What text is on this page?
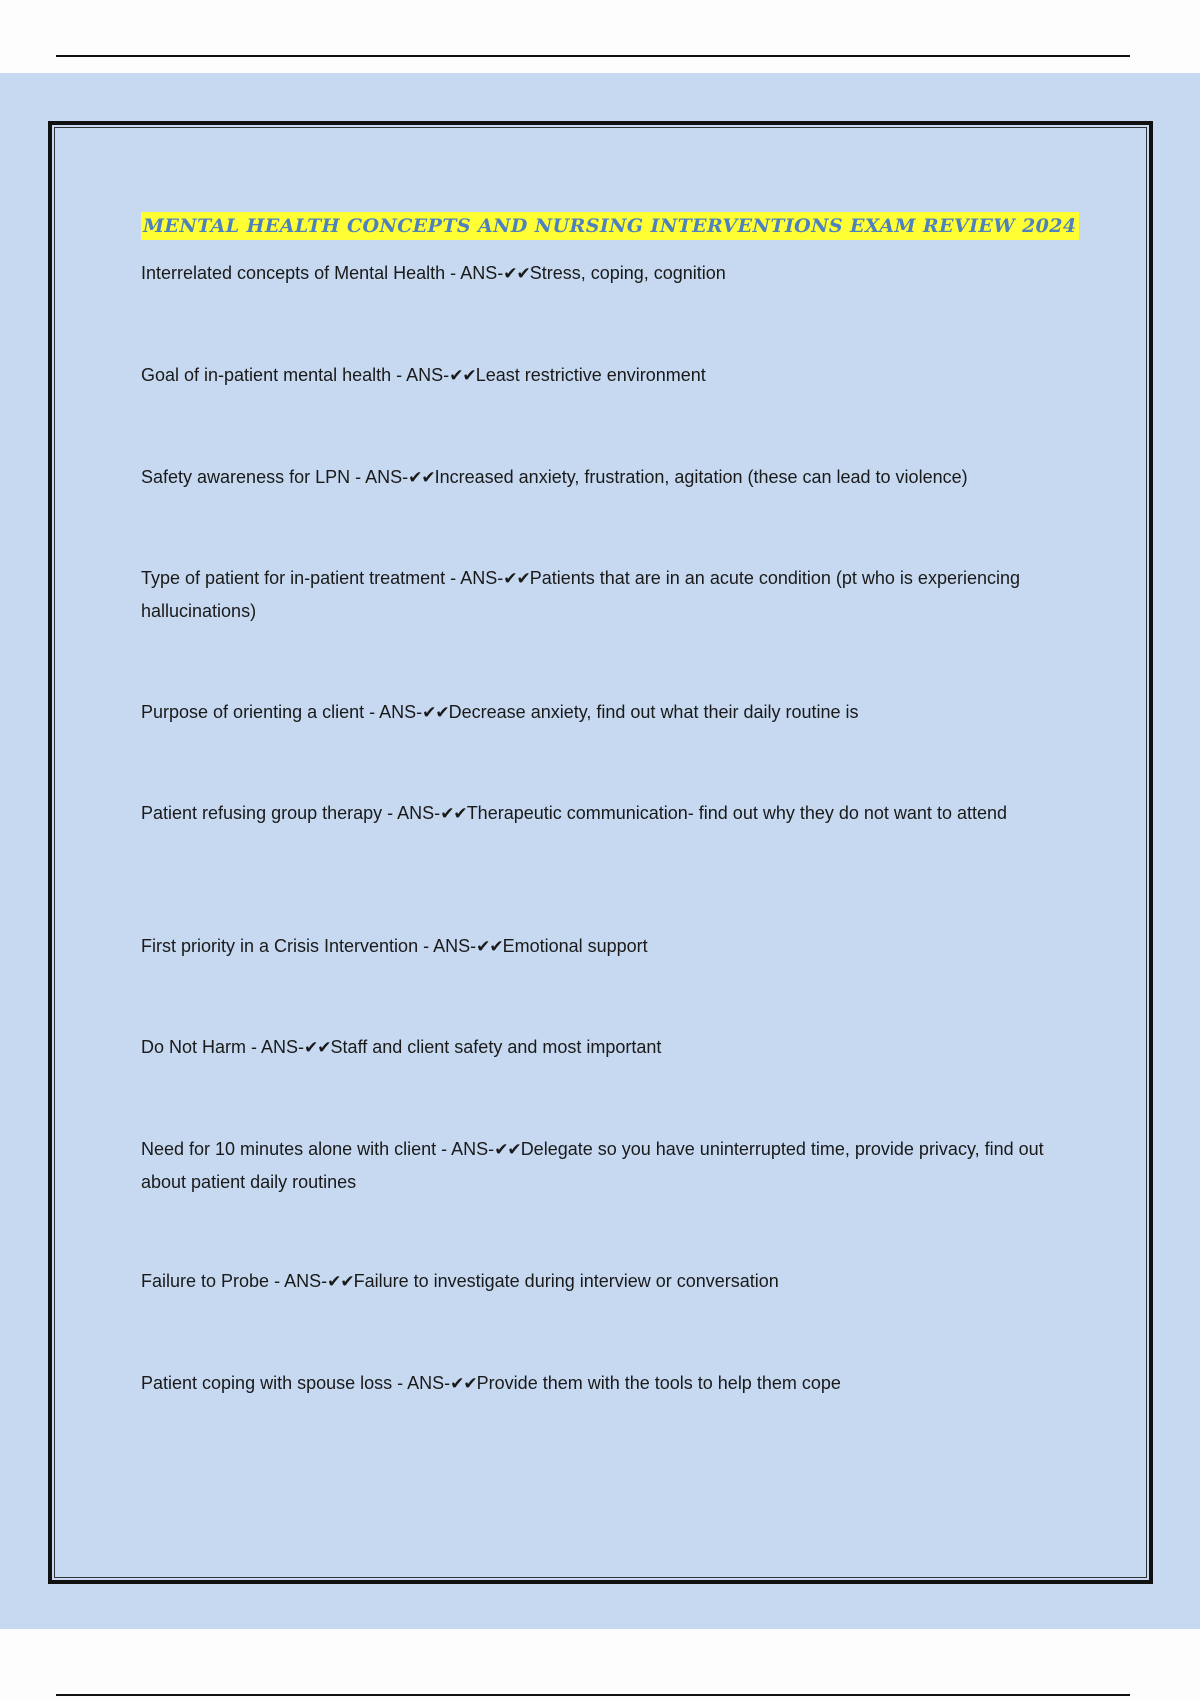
MENTAL HEALTH CONCEPTS AND NURSING INTERVENTIONS EXAM REVIEW 2024
Interrelated concepts of Mental Health - ANS-✔✔Stress, coping, cognition
Goal of in-patient mental health - ANS-✔✔Least restrictive environment
Safety awareness for LPN - ANS-✔✔Increased anxiety, frustration, agitation (these can lead to violence)
Type of patient for in-patient treatment - ANS-✔✔Patients that are in an acute condition (pt who is experiencing hallucinations)
Purpose of orienting a client - ANS-✔✔Decrease anxiety, find out what their daily routine is
Patient refusing group therapy - ANS-✔✔Therapeutic communication- find out why they do not want to attend
First priority in a Crisis Intervention - ANS-✔✔Emotional support
Do Not Harm - ANS-✔✔Staff and client safety and most important
Need for 10 minutes alone with client - ANS-✔✔Delegate so you have uninterrupted time, provide privacy, find out about patient daily routines
Failure to Probe - ANS-✔✔Failure to investigate during interview or conversation
Patient coping with spouse loss - ANS-✔✔Provide them with the tools to help them cope
